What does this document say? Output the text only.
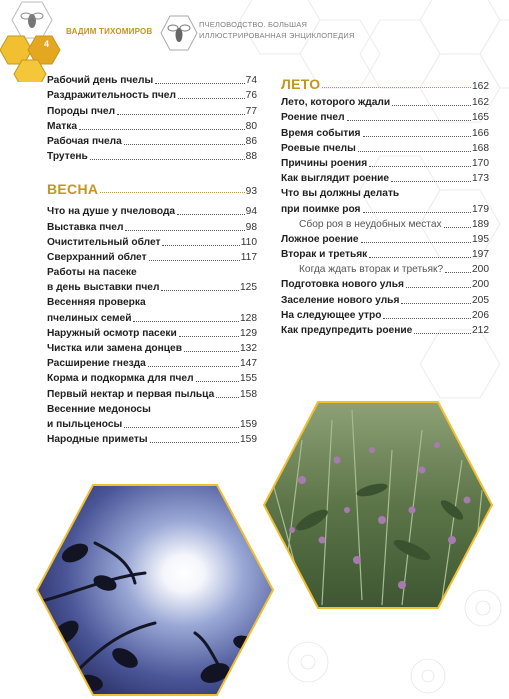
4
ВАДИМ ТИХОМИРОВ
ПЧЕЛОВОДСТВО. БОЛЬШАЯ
ИЛЛЮСТРИРОВАННАЯ ЭНЦИКЛОПЕДИЯ
Рабочий день пчелы	74
Раздражительность пчел	76
Породы пчел	77
Матка	80
Рабочая пчела	86
Трутень	88
ВЕСНА	93
Что на душе у пчеловода	94
Выставка пчел	98
Очистительный облет	110
Сверхранний облет	117
Работы на пасеке
в день выставки пчел	125
Весенняя проверка
пчелиных семей	128
Наружный осмотр пасеки	129
Чистка или замена донцев	132
Расширение гнезда	147
Корма и подкормка для пчел	155
Первый нектар и первая пыльца	158
Весенние медоносы
и пыльценосы	159
Народные приметы	159
ЛЕТО	162
Лето, которого ждали	162
Роение пчел	165
Время события	166
Роевые пчелы	168
Причины роения	170
Как выглядит роение	173
Что вы должны делать
при поимке роя	179
Сбор роя в неудобных местах	189
Ложное роение	195
Вторак и третьяк	197
Когда ждать вторак и третьяк?	200
Подготовка нового улья	200
Заселение нового улья	205
На следующее утро	206
Как предупредить роение	212
